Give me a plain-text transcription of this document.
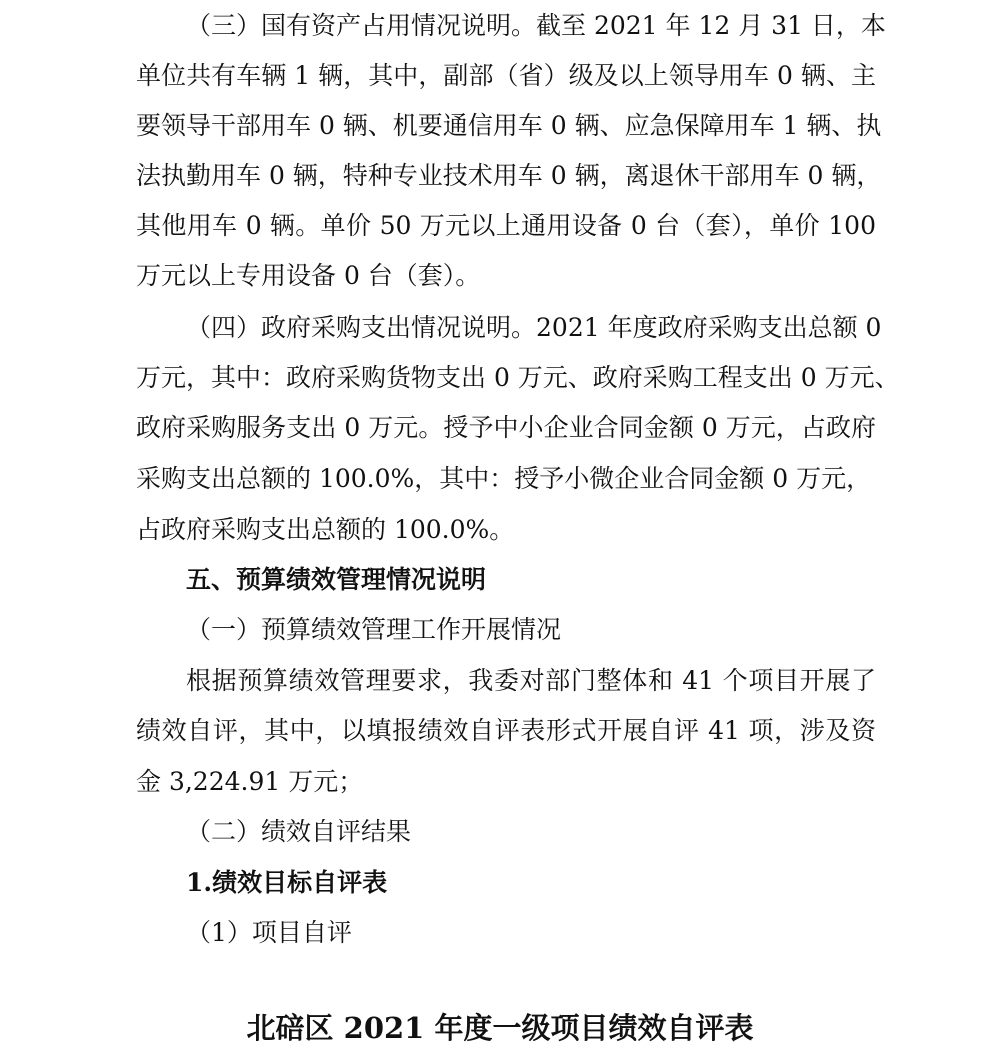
（三）国有资产占用情况说明。截至 2021 年 12 月 31 日，本
单位共有车辆 1 辆，其中，副部（省）级及以上领导用车 0 辆、主
要领导干部用车 0 辆、机要通信用车 0 辆、应急保障用车 1 辆、执
法执勤用车 0 辆，特种专业技术用车 0 辆，离退休干部用车 0 辆，
其他用车 0 辆。单价 50 万元以上通用设备 0 台（套），单价 100
万元以上专用设备 0 台（套）。
（四）政府采购支出情况说明。2021 年度政府采购支出总额 0
万元，其中：政府采购货物支出 0 万元、政府采购工程支出 0 万元、
政府采购服务支出 0 万元。授予中小企业合同金额 0 万元，占政府
采购支出总额的 100.0%，其中：授予小微企业合同金额 0 万元，
占政府采购支出总额的 100.0%。
五、预算绩效管理情况说明
（一）预算绩效管理工作开展情况
根据预算绩效管理要求，我委对部门整体和 41 个项目开展了
绩效自评，其中，以填报绩效自评表形式开展自评 41 项，涉及资
金 3,224.91 万元；
（二）绩效自评结果
1.绩效目标自评表
（1）项目自评
北碚区 2021 年度一级项目绩效自评表
